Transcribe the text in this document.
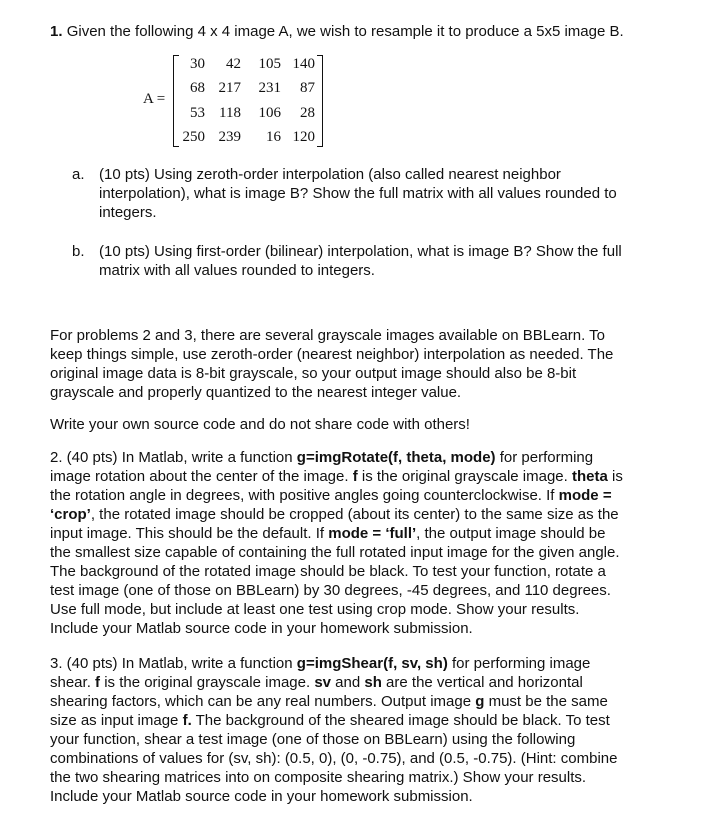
1. Given the following 4 x 4 image A, we wish to resample it to produce a 5x5 image B.
A =
30	42	105 140
68 217	231	87
53 118	106	28
250 239	16 120
a. (10 pts) Using zeroth-order interpolation (also called nearest neighbor
interpolation), what is image B? Show the full matrix with all values rounded to
integers.
b. (10 pts) Using first-order (bilinear) interpolation, what is image B? Show the full
matrix with all values rounded to integers.
For problems 2 and 3, there are several grayscale images available on BBLearn. To
keep things simple, use zeroth-order (nearest neighbor) interpolation as needed. The
original image data is 8-bit grayscale, so your output image should also be 8-bit
grayscale and properly quantized to the nearest integer value.
Write your own source code and do not share code with others!
2. (40 pts) In Matlab, write a function g=imgRotate(f, theta, mode) for performing
image rotation about the center of the image. f is the original grayscale image. theta is
the rotation angle in degrees, with positive angles going counterclockwise. If mode =
‘crop’, the rotated image should be cropped (about its center) to the same size as the
input image. This should be the default. If mode = ‘full’, the output image should be
the smallest size capable of containing the full rotated input image for the given angle.
The background of the rotated image should be black. To test your function, rotate a
test image (one of those on BBLearn) by 30 degrees, -45 degrees, and 110 degrees.
Use full mode, but include at least one test using crop mode. Show your results.
Include your Matlab source code in your homework submission.
3. (40 pts) In Matlab, write a function g=imgShear(f, sv, sh) for performing image
shear. f is the original grayscale image. sv and sh are the vertical and horizontal
shearing factors, which can be any real numbers. Output image g must be the same
size as input image f. The background of the sheared image should be black. To test
your function, shear a test image (one of those on BBLearn) using the following
combinations of values for (sv, sh): (0.5, 0), (0, -0.75), and (0.5, -0.75). (Hint: combine
the two shearing matrices into on composite shearing matrix.) Show your results.
Include your Matlab source code in your homework submission.
